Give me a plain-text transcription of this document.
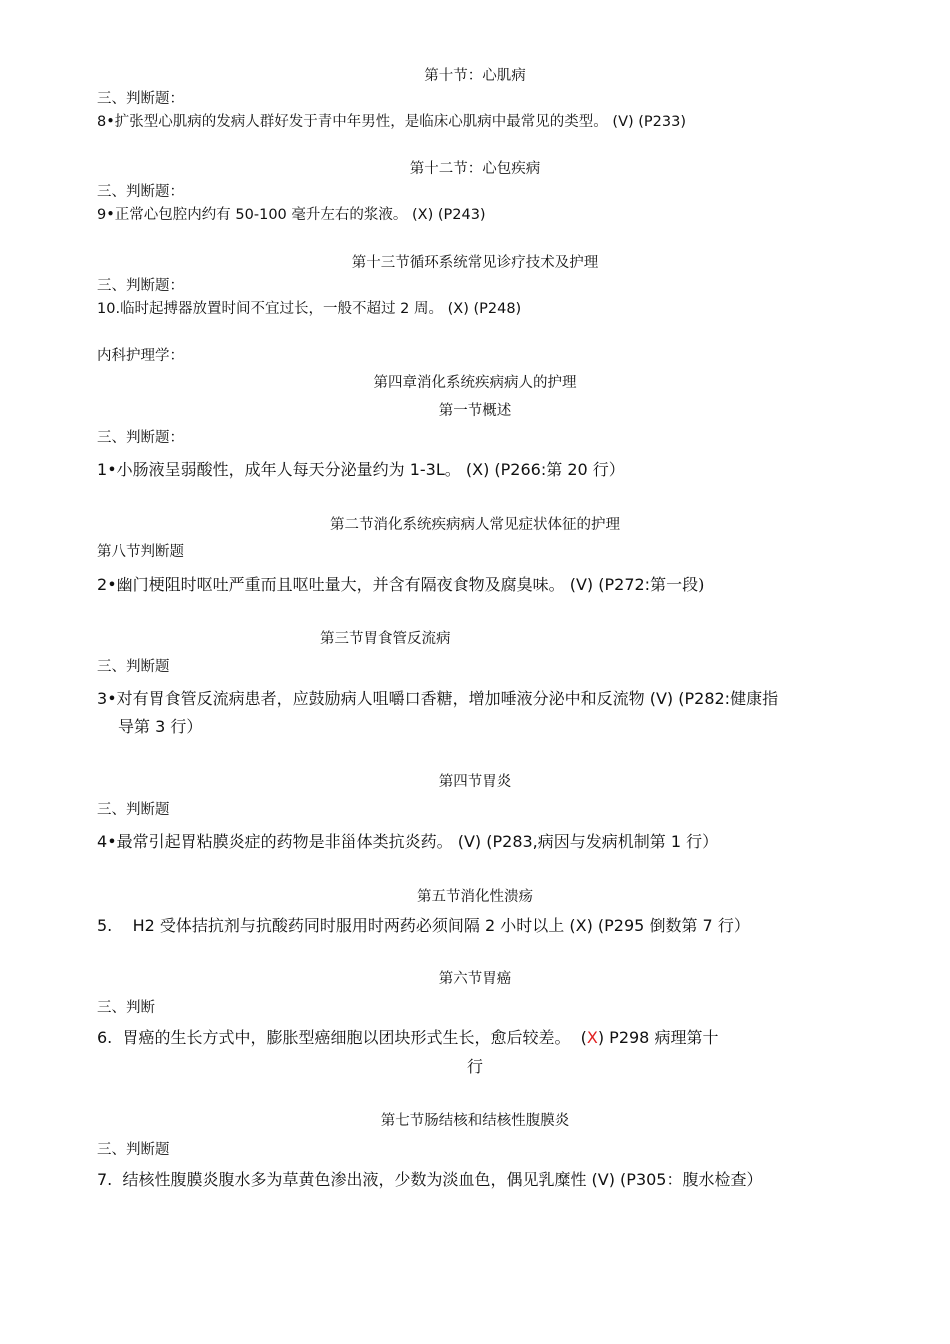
第十节：心肌病
三、判断题：
8•扩张型心肌病的发病人群好发于青中年男性，是临床心肌病中最常见的类型。 (V) (P233)
第十二节：心包疾病
三、判断题：
9•正常心包腔内约有 50-100 毫升左右的浆液。 (X) (P243)
第十三节循环系统常见诊疗技术及护理
三、判断题：
10.临时起搏器放置时间不宜过长，一般不超过 2 周。 (X) (P248)
内科护理学：
第四章消化系统疾病病人的护理
第一节概述
三、判断题：
1•小肠液呈弱酸性，成年人每天分泌量约为 1-3L。 (X) (P266:第 20 行）
第二节消化系统疾病病人常见症状体征的护理
第八节判断题
2•幽门梗阻时呕吐严重而且呕吐量大，并含有隔夜食物及腐臭味。 (V) (P272:第一段)
第三节胃食管反流病
三、判断题
3•对有胃食管反流病患者，应鼓励病人咀嚼口香糖，增加唾液分泌中和反流物 (V) (P282:健康指
导第 3 行）
第四节胃炎
三、判断题
4•最常引起胃粘膜炎症的药物是非甾体类抗炎药。 (V) (P283,病因与发病机制第 1 行）
第五节消化性溃疡
5.    H2 受体拮抗剂与抗酸药同时服用时两药必须间隔 2 小时以上 (X) (P295 倒数第 7 行）
第六节胃癌
三、判断
6.  胃癌的生长方式中，膨胀型癌细胞以团块形式生长，愈后较差。  (X) P298 病理第十
行
第七节肠结核和结核性腹膜炎
三、判断题
7.  结核性腹膜炎腹水多为草黄色渗出液，少数为淡血色，偶见乳糜性 (V) (P305：腹水检查）
